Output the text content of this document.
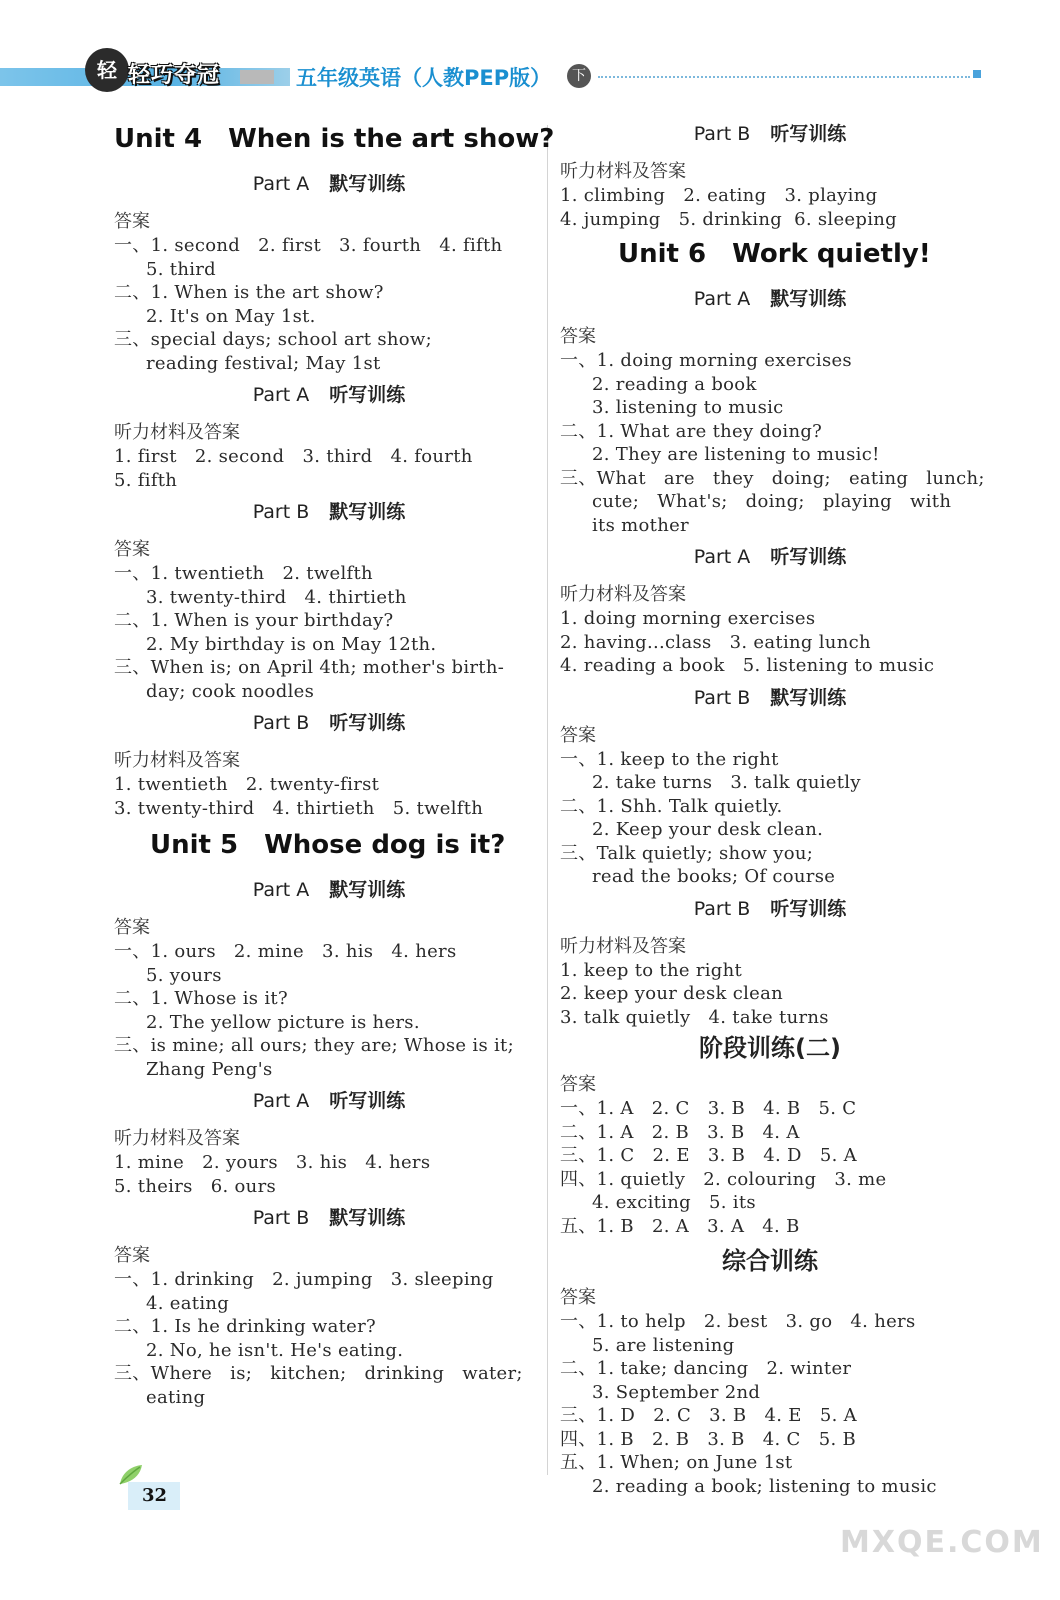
轻 轻巧夺冠	五年级英语（人教PEP版）	下
Unit 4 When is the art show?
Part A 默写训练
答案
一、1. second   2. first   3. fourth   4. fifth
5. third
二、1. When is the art show?
2. It's on May 1st.
三、special days; school art show;
reading festival; May 1st
Part A 听写训练
听力材料及答案
1. first   2. second   3. third   4. fourth
5. fifth
Part B 默写训练
答案
一、1. twentieth   2. twelfth
3. twenty-third   4. thirtieth
二、1. When is your birthday?
2. My birthday is on May 12th.
三、When is; on April 4th; mother's birth-
day; cook noodles
Part B 听写训练
听力材料及答案
1. twentieth   2. twenty-first
3. twenty-third   4. thirtieth   5. twelfth
Unit 5 Whose dog is it?
Part A 默写训练
答案
一、1. ours   2. mine   3. his   4. hers
5. yours
二、1. Whose is it?
2. The yellow picture is hers.
三、is mine; all ours; they are; Whose is it;
Zhang Peng's
Part A 听写训练
听力材料及答案
1. mine   2. yours   3. his   4. hers
5. theirs   6. ours
Part B 默写训练
答案
一、1. drinking   2. jumping   3. sleeping
4. eating
二、1. Is he drinking water?
2. No, he isn't. He's eating.
三、Where   is;   kitchen;   drinking   water;
eating
Part B 听写训练
听力材料及答案
1. climbing   2. eating   3. playing
4. jumping   5. drinking  6. sleeping
Unit 6 Work quietly!
Part A 默写训练
答案
一、1. doing morning exercises
2. reading a book
3. listening to music
二、1. What are they doing?
2. They are listening to music!
三、What   are   they   doing;   eating   lunch;
cute;   What's;   doing;   playing   with
its mother
Part A 听写训练
听力材料及答案
1. doing morning exercises
2. having...class   3. eating lunch
4. reading a book   5. listening to music
Part B 默写训练
答案
一、1. keep to the right
2. take turns   3. talk quietly
二、1. Shh. Talk quietly.
2. Keep your desk clean.
三、Talk quietly; show you;
read the books; Of course
Part B 听写训练
听力材料及答案
1. keep to the right
2. keep your desk clean
3. talk quietly   4. take turns
阶段训练(二)
答案
一、1. A   2. C   3. B   4. B   5. C
二、1. A   2. B   3. B   4. A
三、1. C   2. E   3. B   4. D   5. A
四、1. quietly   2. colouring   3. me
4. exciting   5. its
五、1. B   2. A   3. A   4. B
综合训练
答案
一、1. to help   2. best   3. go   4. hers
5. are listening
二、1. take; dancing   2. winter
3. September 2nd
三、1. D   2. C   3. B   4. E   5. A
四、1. B   2. B   3. B   4. C   5. B
五、1. When; on June 1st
2. reading a book; listening to music
32
MXQE.COM
